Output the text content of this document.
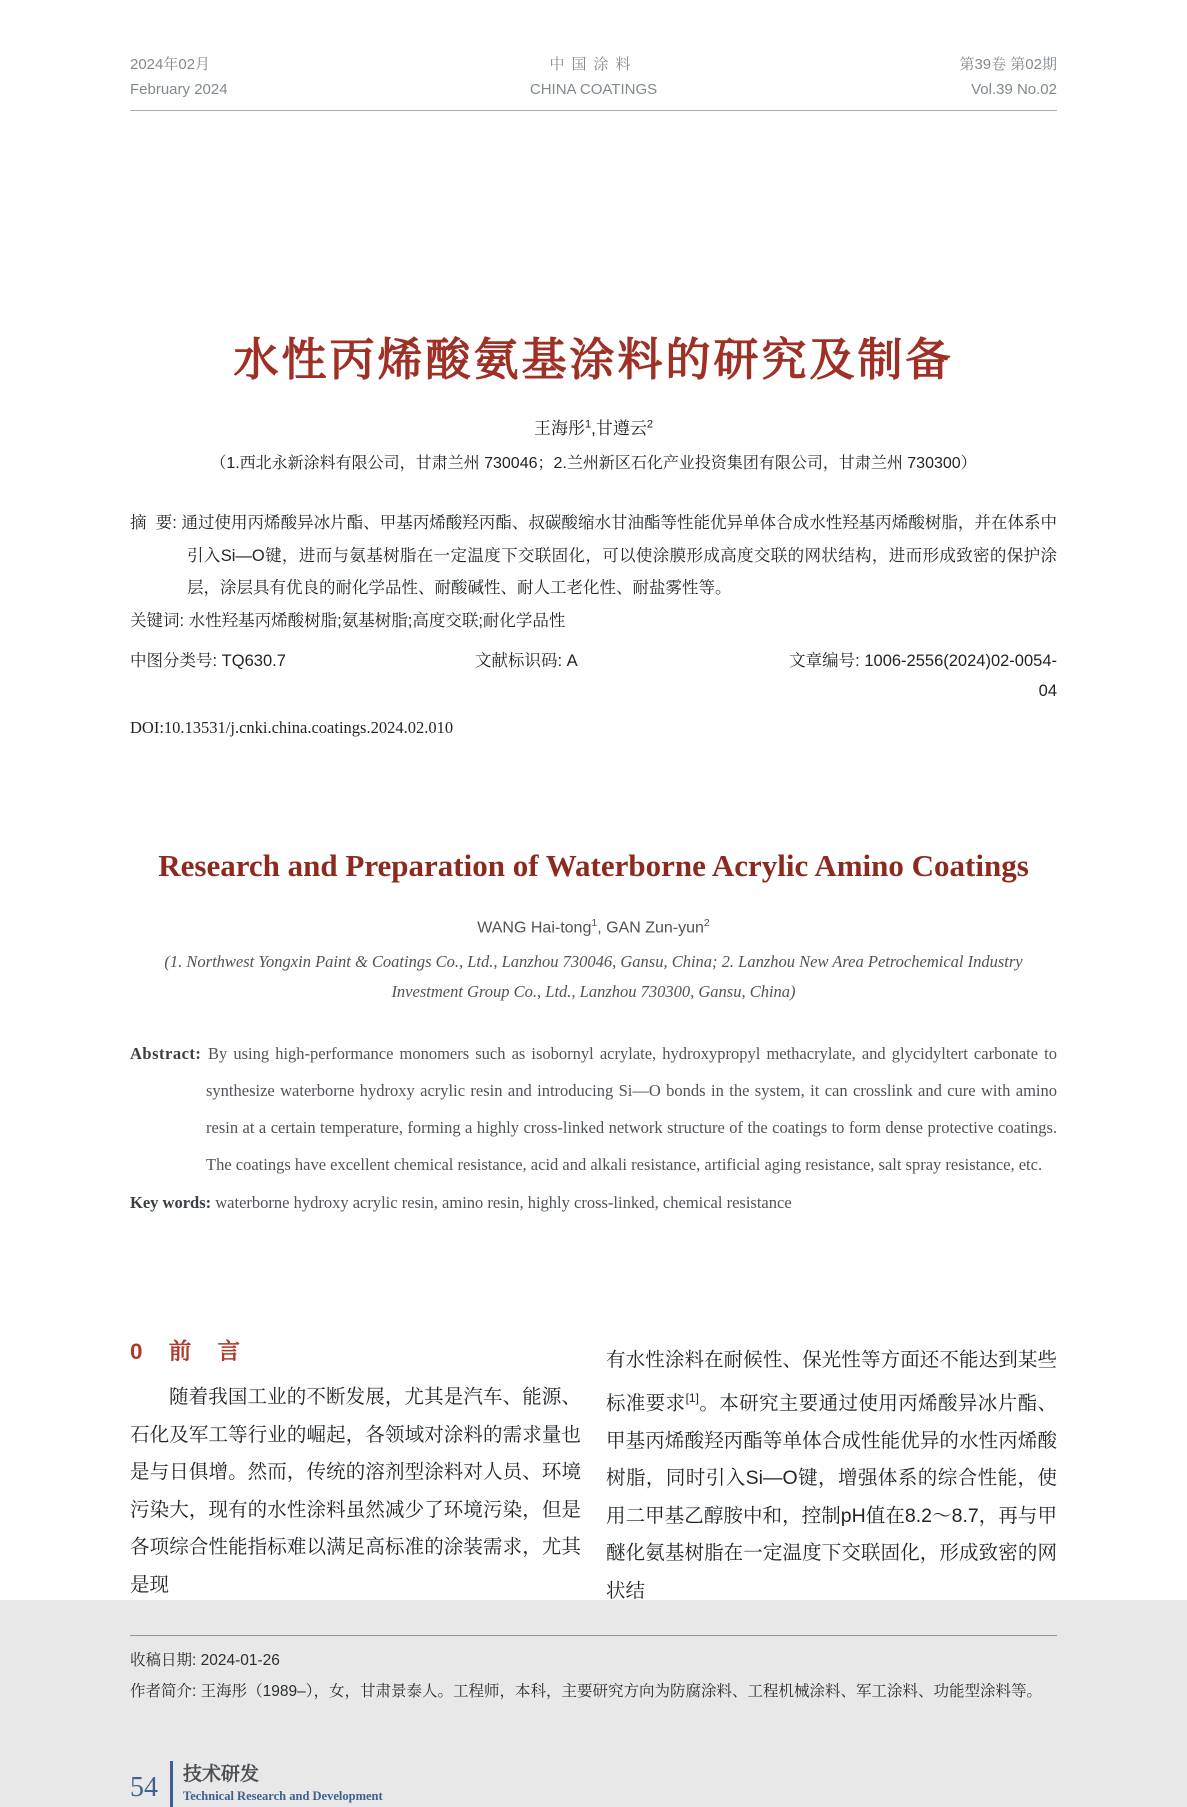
2024年02月
February 2024
中国涂料
CHINA COATINGS
第39卷 第02期
Vol.39 No.02
水性丙烯酸氨基涂料的研究及制备
王海彤$^1$,甘遵云$^2$
（1.西北永新涂料有限公司，甘肃兰州 730046；2.兰州新区石化产业投资集团有限公司，甘肃兰州 730300）
摘  要: 通过使用丙烯酸异冰片酯、甲基丙烯酸羟丙酯、叔碳酸缩水甘油酯等性能优异单体合成水性羟基丙烯酸树脂，并在体系中引入Si—O键，进而与氨基树脂在一定温度下交联固化，可以使涂膜形成高度交联的网状结构，进而形成致密的保护涂层，涂层具有优良的耐化学品性、耐酸碱性、耐人工老化性、耐盐雾性等。
关键词: 水性羟基丙烯酸树脂;氨基树脂;高度交联;耐化学品性
中图分类号: TQ630.7	文献标识码: A	文章编号: 1006-2556(2024)02-0054-04
DOI:10.13531/j.cnki.china.coatings.2024.02.010
Research and Preparation of Waterborne Acrylic Amino Coatings
WANG Hai-tong$^1$, GAN Zun-yun$^2$
(1. Northwest Yongxin Paint & Coatings Co., Ltd., Lanzhou 730046, Gansu, China; 2. Lanzhou New Area Petrochemical Industry Investment Group Co., Ltd., Lanzhou 730300, Gansu, China)
Abstract: By using high-performance monomers such as isobornyl acrylate, hydroxypropyl methacrylate, and glycidyltert carbonate to synthesize waterborne hydroxy acrylic resin and introducing Si—O bonds in the system, it can crosslink and cure with amino resin at a certain temperature, forming a highly cross-linked network structure of the coatings to form dense protective coatings. The coatings have excellent chemical resistance, acid and alkali resistance, artificial aging resistance, salt spray resistance, etc.
Key words: waterborne hydroxy acrylic resin, amino resin, highly cross-linked, chemical resistance
0 前 言
随着我国工业的不断发展，尤其是汽车、能源、石化及军工等行业的崛起，各领域对涂料的需求量也是与日俱增。然而，传统的溶剂型涂料对人员、环境污染大，现有的水性涂料虽然减少了环境污染，但是各项综合性能指标难以满足高标准的涂装需求，尤其是现
有水性涂料在耐候性、保光性等方面还不能达到某些标准要求[1]。本研究主要通过使用丙烯酸异冰片酯、甲基丙烯酸羟丙酯等单体合成性能优异的水性丙烯酸树脂，同时引入Si—O键，增强体系的综合性能，使用二甲基乙醇胺中和，控制pH值在8.2～8.7，再与甲醚化氨基树脂在一定温度下交联固化，形成致密的网状结
收稿日期: 2024-01-26
作者简介: 王海彤（1989–），女，甘肃景泰人。工程师，本科，主要研究方向为防腐涂料、工程机械涂料、军工涂料、功能型涂料等。
54 技术研发
Technical Research and Development
